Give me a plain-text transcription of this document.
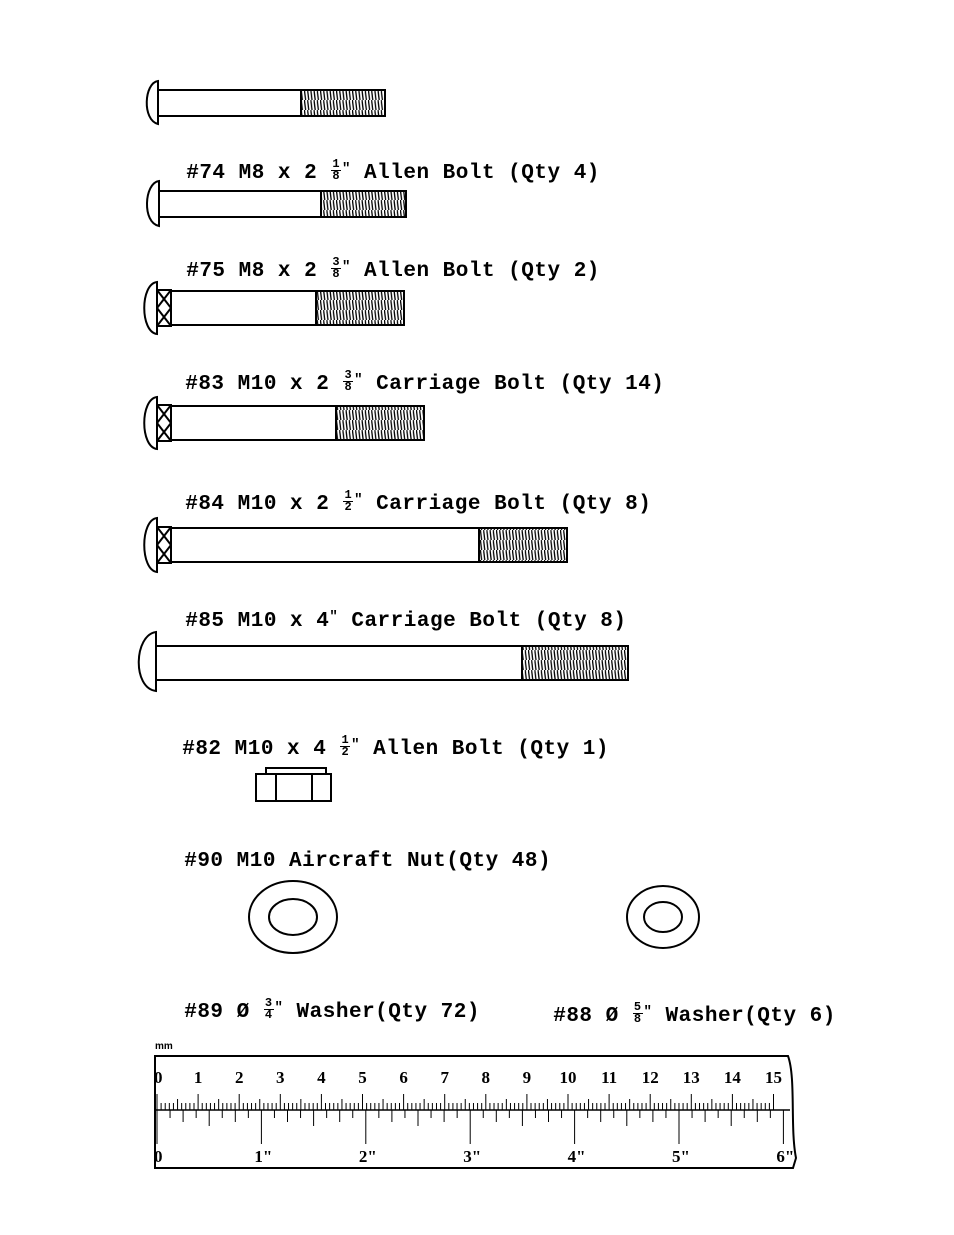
#74 M8 x $2 \frac{1}{8} ^"$ Allen Bolt (Qty 4)

#75 M8 x $2 \frac{3}{8} ^"$ Allen Bolt (Qty 2)

#83 M10 x $2 \frac{3}{8} ^"$ Carriage Bolt (Qty 14)

#84 M10 x $2 \frac{1}{2} ^"$ Carriage Bolt (Qty 8)

#85 M10 x 4" Carriage Bolt (Qty 8)

#82 M10 x $4 \frac{1}{2} ^"$ Allen Bolt (Qty 1)

#90 M10 Aircraft Nut(Qty 48)

#89 Ø $\frac{3}{4} ^"$ Washer(Qty 72)	#88 Ø $\frac{5}{8} ^"$ Washer(Qty 6)

mm
0 1 2 3 4 5 6 7 8 9 10 11 12 13 14 15
0	1"	2"	3"	4"	5"	6"
